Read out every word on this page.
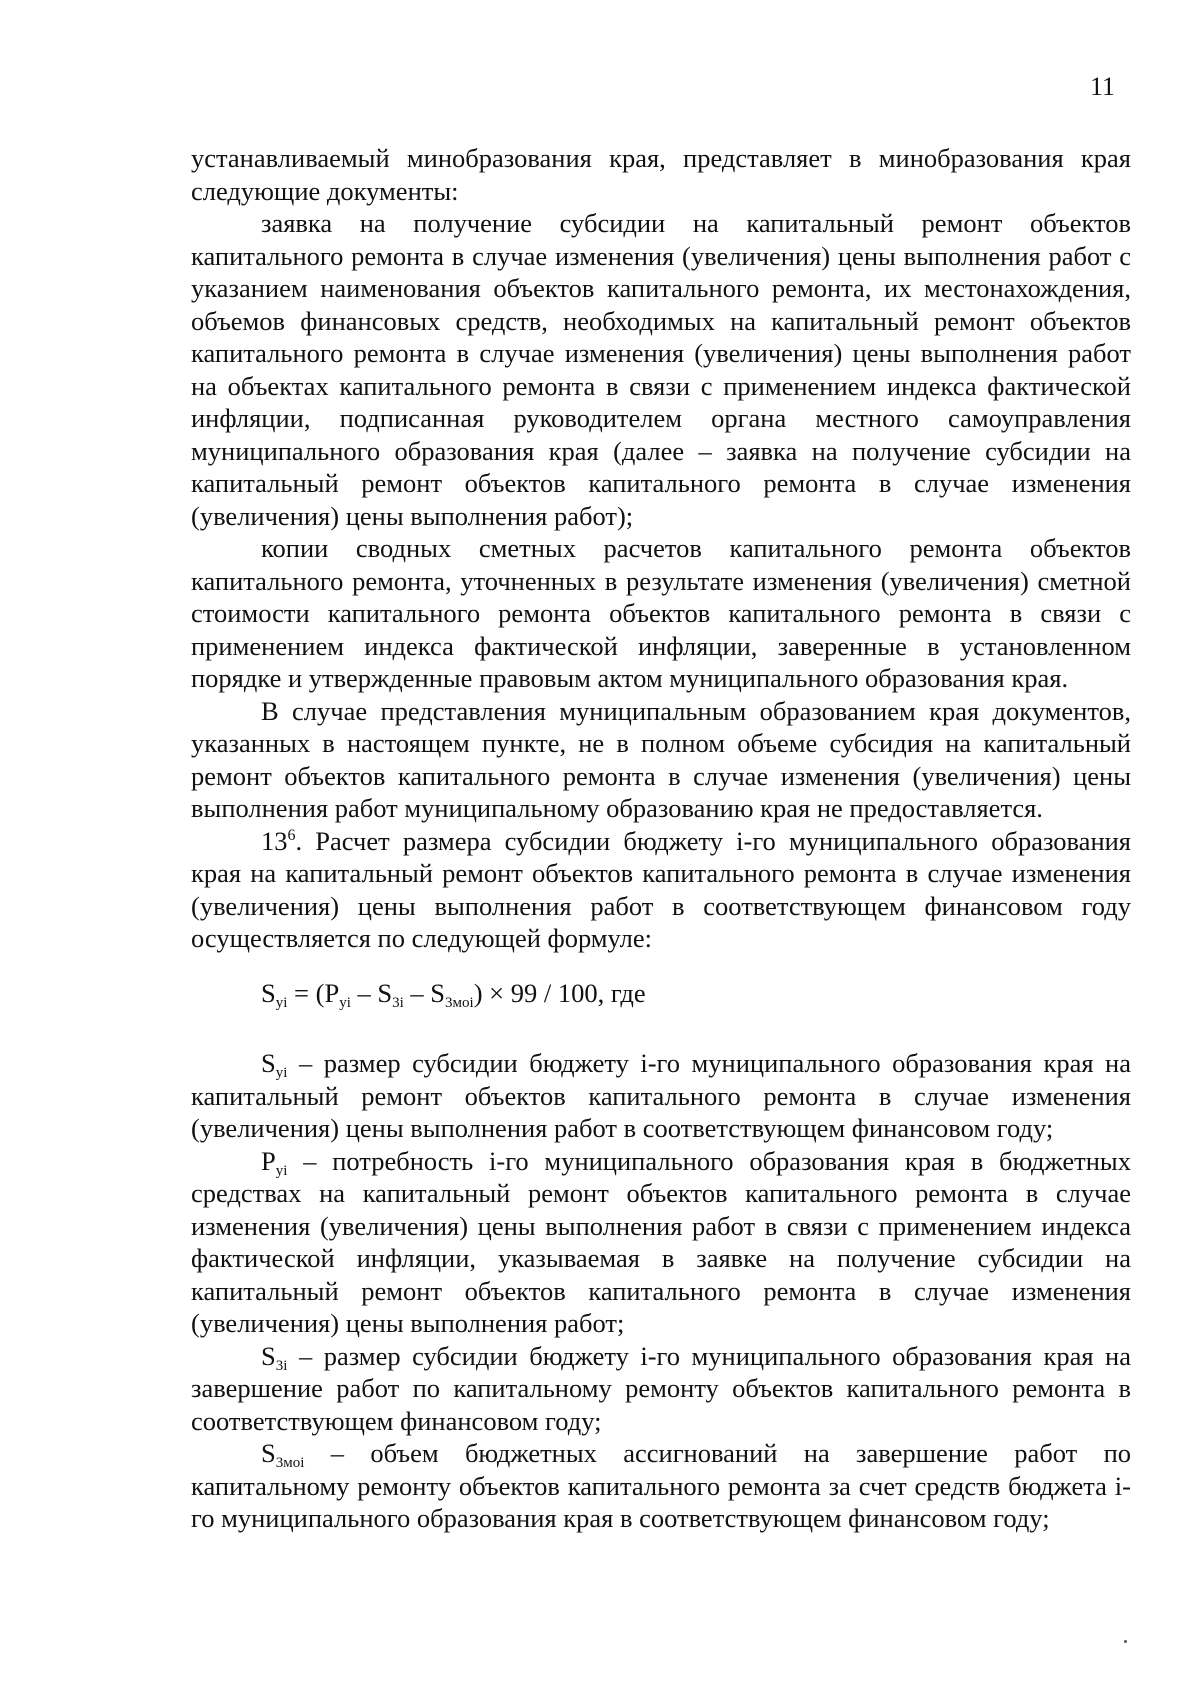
11

устанавливаемый минобразования края, представляет в минобразования края следующие документы:

заявка на получение субсидии на капитальный ремонт объектов капитального ремонта в случае изменения (увеличения) цены выполнения работ с указанием наименования объектов капитального ремонта, их местонахождения, объемов финансовых средств, необходимых на капитальный ремонт объектов капитального ремонта в случае изменения (увеличения) цены выполнения работ на объектах капитального ремонта в связи с применением индекса фактической инфляции, подписанная руководителем органа местного самоуправления муниципального образования края (далее – заявка на получение субсидии на капитальный ремонт объектов капитального ремонта в случае изменения (увеличения) цены выполнения работ);

копии сводных сметных расчетов капитального ремонта объектов капитального ремонта, уточненных в результате изменения (увеличения) сметной стоимости капитального ремонта объектов капитального ремонта в связи с применением индекса фактической инфляции, заверенные в установленном порядке и утвержденные правовым актом муниципального образования края.

В случае представления муниципальным образованием края документов, указанных в настоящем пункте, не в полном объеме субсидия на капитальный ремонт объектов капитального ремонта в случае изменения (увеличения) цены выполнения работ муниципальному образованию края не предоставляется.

$13^6$. Расчет размера субсидии бюджету i-го муниципального образования края на капитальный ремонт объектов капитального ремонта в случае изменения (увеличения) цены выполнения работ в соответствующем финансовом году осуществляется по следующей формуле:

$S_{yi} = (P_{yi} - S_{3i} - S_{3моi}) \times 99 / 100$, где

$S_{yi}$ – размер субсидии бюджету i-го муниципального образования края на капитальный ремонт объектов капитального ремонта в случае изменения (увеличения) цены выполнения работ в соответствующем финансовом году;

$P_{yi}$ – потребность i-го муниципального образования края в бюджетных средствах на капитальный ремонт объектов капитального ремонта в случае изменения (увеличения) цены выполнения работ в связи с применением индекса фактической инфляции, указываемая в заявке на получение субсидии на капитальный ремонт объектов капитального ремонта в случае изменения (увеличения) цены выполнения работ;

$S_{3i}$ – размер субсидии бюджету i-го муниципального образования края на завершение работ по капитальному ремонту объектов капитального ремонта в соответствующем финансовом году;

$S_{3моi}$ – объем бюджетных ассигнований на завершение работ по капитальному ремонту объектов капитального ремонта за счет средств бюджета i-го муниципального образования края в соответствующем финансовом году;
